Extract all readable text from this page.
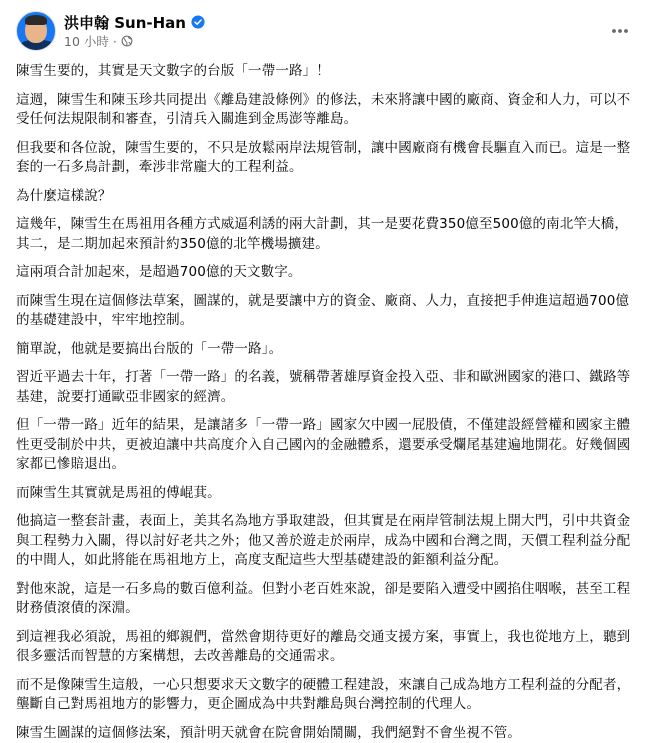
洪申翰 Sun-Han
10 小時 ·

陳雪生要的，其實是天文數字的台版「一帶一路」！

這週，陳雪生和陳玉珍共同提出《離島建設條例》的修法，未來將讓中國的廠商、資金和人力，可以不受任何法規限制和審查，引清兵入關進到金馬澎等離島。

但我要和各位說，陳雪生要的，不只是放鬆兩岸法規管制，讓中國廠商有機會長驅直入而已。這是一整套的一石多鳥計劃，牽涉非常龐大的工程利益。

為什麼這樣說？

這幾年，陳雪生在馬祖用各種方式威逼利誘的兩大計劃，其一是要花費350億至500億的南北竿大橋，其二，是二期加起來預計約350億的北竿機場擴建。

這兩項合計加起來，是超過700億的天文數字。

而陳雪生現在這個修法草案，圖謀的，就是要讓中方的資金、廠商、人力，直接把手伸進這超過700億的基礎建設中，牢牢地控制。

簡單說，他就是要搞出台版的「一帶一路」。

習近平過去十年，打著「一帶一路」的名義，號稱帶著雄厚資金投入亞、非和歐洲國家的港口、鐵路等基建，說要打通歐亞非國家的經濟。

但「一帶一路」近年的結果，是讓諸多「一帶一路」國家欠中國一屁股債，不僅建設經營權和國家主體性更受制於中共，更被迫讓中共高度介入自己國內的金融體系，還要承受爛尾基建遍地開花。好幾個國家都已慘賠退出。

而陳雪生其實就是馬祖的傅崐萁。

他搞這一整套計畫，表面上，美其名為地方爭取建設，但其實是在兩岸管制法規上開大門，引中共資金與工程勢力入關，得以討好老共之外；他又善於遊走於兩岸，成為中國和台灣之間，天價工程利益分配的中間人，如此將能在馬祖地方上，高度支配這些大型基礎建設的鉅額利益分配。

對他來說，這是一石多鳥的數百億利益。但對小老百姓來說，卻是要陷入遭受中國掐住咽喉，甚至工程財務債滾債的深淵。

到這裡我必須說，馬祖的鄉親們，當然會期待更好的離島交通支援方案，事實上，我也從地方上，聽到很多靈活而智慧的方案構想，去改善離島的交通需求。

而不是像陳雪生這般，一心只想要求天文數字的硬體工程建設，來讓自己成為地方工程利益的分配者，壟斷自己對馬祖地方的影響力，更企圖成為中共對離島與台灣控制的代理人。

陳雪生圖謀的這個修法案，預計明天就會在院會開始鬧關，我們絕對不會坐視不管。
